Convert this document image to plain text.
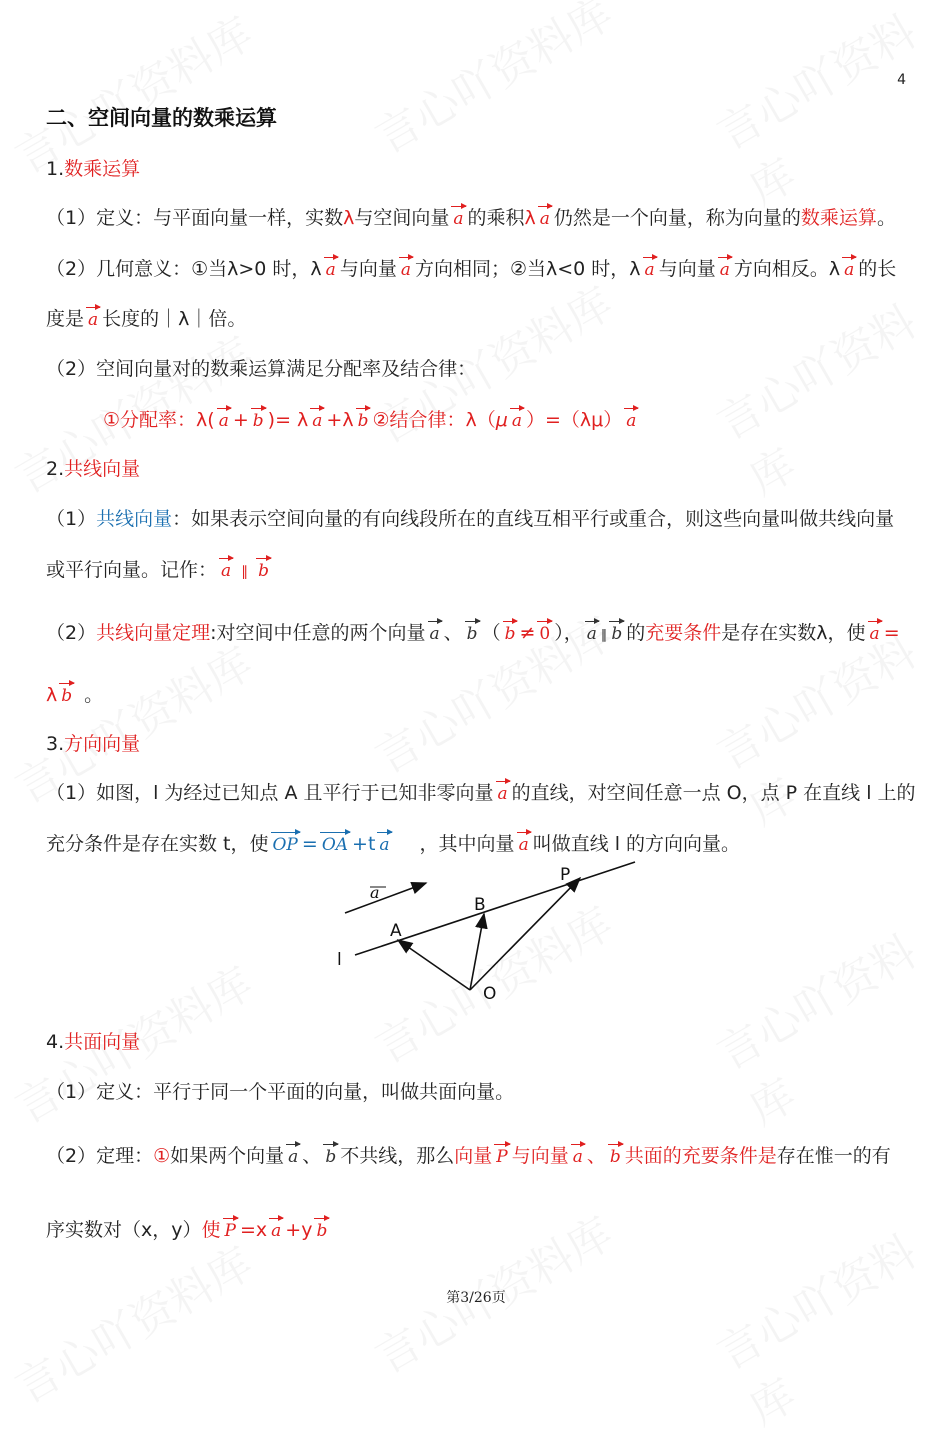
4
二、空间向量的数乘运算
1.数乘运算
（1）定义：与平面向量一样，实数λ与空间向量 a 的乘积λ a 仍然是一个向量，称为向量的数乘运算。
（2）几何意义：①当λ>0 时，λ a 与向量 a 方向相同；②当λ<0 时，λ a 与向量 a 方向相反。λ a 的长
度是 a 长度的｜λ｜倍。
（2）空间向量对的数乘运算满足分配率及结合律：
①分配率：λ( a + b )= λ a +λ b ②结合律：λ（μ a ）=（λμ） a
2.共线向量
（1）共线向量：如果表示空间向量的有向线段所在的直线互相平行或重合，则这些向量叫做共线向量
或平行向量。记作： a ∥ b
（2）共线向量定理:对空间中任意的两个向量 a 、 b （ b ≠ 0 ）， a ∥ b 的充要条件是存在实数λ，使 a =
λ b 。
3.方向向量
（1）如图，l 为经过已知点 A 且平行于已知非零向量 a 的直线，对空间任意一点 O，点 P 在直线 l 上的
充分条件是存在实数 t，使 OP = OA +t a ，其中向量 a 叫做直线 l 的方向向量。
a
A
B
P
O
l
4.共面向量
（1）定义：平行于同一个平面的向量，叫做共面向量。
（2）定理：①如果两个向量 a 、 b 不共线，那么向量 P 与向量 a 、 b 共面的充要条件是存在惟一的有
序实数对（x，y）使 P =x a +y b
第3/26页
